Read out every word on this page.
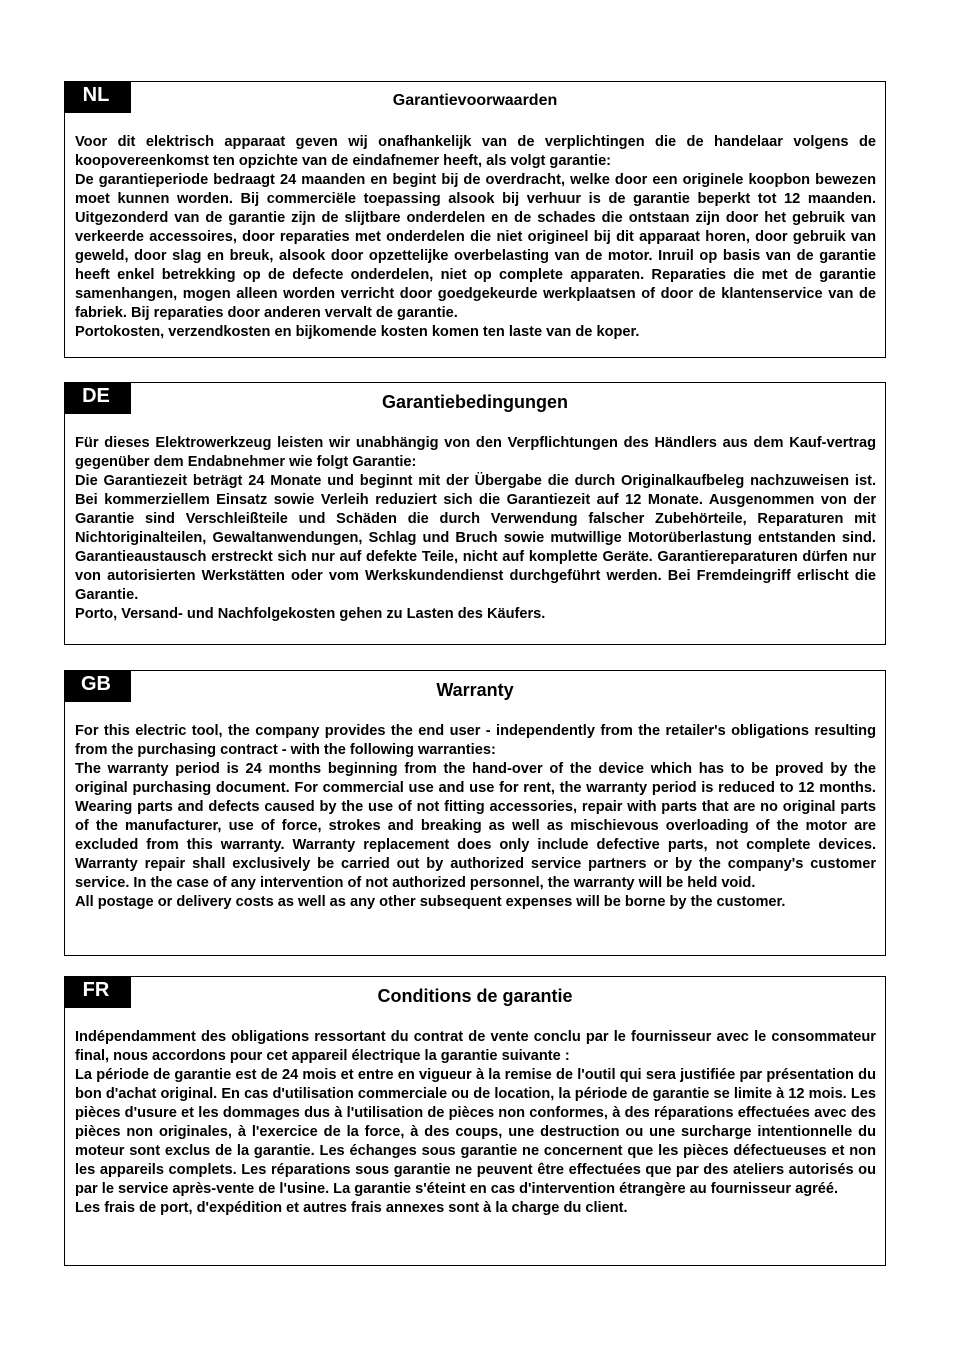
NL	Garantievoorwaarden

Voor dit elektrisch apparaat geven wij onafhankelijk van de verplichtingen die de handelaar volgens de koopovereenkomst ten opzichte van de eindafnemer heeft, als volgt garantie:

De garantieperiode bedraagt 24 maanden en begint bij de overdracht, welke door een originele koopbon bewezen moet kunnen worden. Bij commerciële toepassing alsook bij verhuur is de garantie beperkt tot 12 maanden. Uitgezonderd van de garantie zijn de slijtbare onderdelen en de schades die ontstaan zijn door het gebruik van verkeerde accessoires, door reparaties met onderdelen die niet origineel bij dit apparaat horen, door gebruik van geweld, door slag en breuk, alsook door opzettelijke overbelasting van de motor. Inruil op basis van de garantie heeft enkel betrekking op de defecte onderdelen, niet op complete apparaten. Reparaties die met de garantie samenhangen, mogen alleen worden verricht door goedgekeurde werkplaatsen of door de klantenservice van de fabriek. Bij reparaties door anderen vervalt de garantie.

Portokosten, verzendkosten en bijkomende kosten komen ten laste van de koper.

DE	Garantiebedingungen

Für dieses Elektrowerkzeug leisten wir unabhängig von den Verpflichtungen des Händlers aus dem Kauf-vertrag gegenüber dem Endabnehmer wie folgt Garantie:

Die Garantiezeit beträgt 24 Monate und beginnt mit der Übergabe die durch Originalkaufbeleg nachzuweisen ist. Bei kommerziellem Einsatz sowie Verleih reduziert sich die Garantiezeit auf 12 Monate. Ausgenommen von der Garantie sind Verschleißteile und Schäden die durch Verwendung falscher Zubehörteile, Reparaturen mit Nichtoriginalteilen, Gewaltanwendungen, Schlag und Bruch sowie mutwillige Motorüberlastung entstanden sind. Garantieaustausch erstreckt sich nur auf defekte Teile, nicht auf komplette Geräte. Garantiereparaturen dürfen nur von autorisierten Werkstätten oder vom Werkskundendienst durchgeführt werden. Bei Fremdeingriff erlischt die Garantie.

Porto, Versand- und Nachfolgekosten gehen zu Lasten des Käufers.

GB	Warranty

For this electric tool, the company provides the end user - independently from the retailer's obligations resulting from the purchasing contract - with the following warranties:

The warranty period is 24 months beginning from the hand-over of the device which has to be proved by the original purchasing document. For commercial use and use for rent, the warranty period is reduced to 12 months. Wearing parts and defects caused by the use of not fitting accessories, repair with parts that are no original parts of the manufacturer, use of force, strokes and breaking as well as mischievous overloading of the motor are excluded from this warranty. Warranty replacement does only include defective parts, not complete devices. Warranty repair shall exclusively be carried out by authorized service partners or by the company's customer service. In the case of any intervention of not authorized personnel, the warranty will be held void.

All postage or delivery costs as well as any other subsequent expenses will be borne by the customer.

FR	Conditions de garantie

Indépendamment des obligations ressortant du contrat de vente conclu par le fournisseur avec le consommateur final, nous accordons pour cet appareil électrique la garantie suivante :

La période de garantie est de 24 mois et entre en vigueur à la remise de l'outil qui sera justifiée par présentation du bon d'achat original. En cas d'utilisation commerciale ou de location, la période de garantie se limite à 12 mois. Les pièces d'usure et les dommages dus à l'utilisation de pièces non conformes, à des réparations effectuées avec des pièces non originales, à l'exercice de la force, à des coups, une destruction ou une surcharge intentionnelle du moteur sont exclus de la garantie. Les échanges sous garantie ne concernent que les pièces défectueuses et non les appareils complets. Les réparations sous garantie ne peuvent être effectuées que par des ateliers autorisés ou par le service après-vente de l'usine. La garantie s'éteint en cas d'intervention étrangère au fournisseur agréé.

Les frais de port, d'expédition et autres frais annexes sont à la charge du client.
